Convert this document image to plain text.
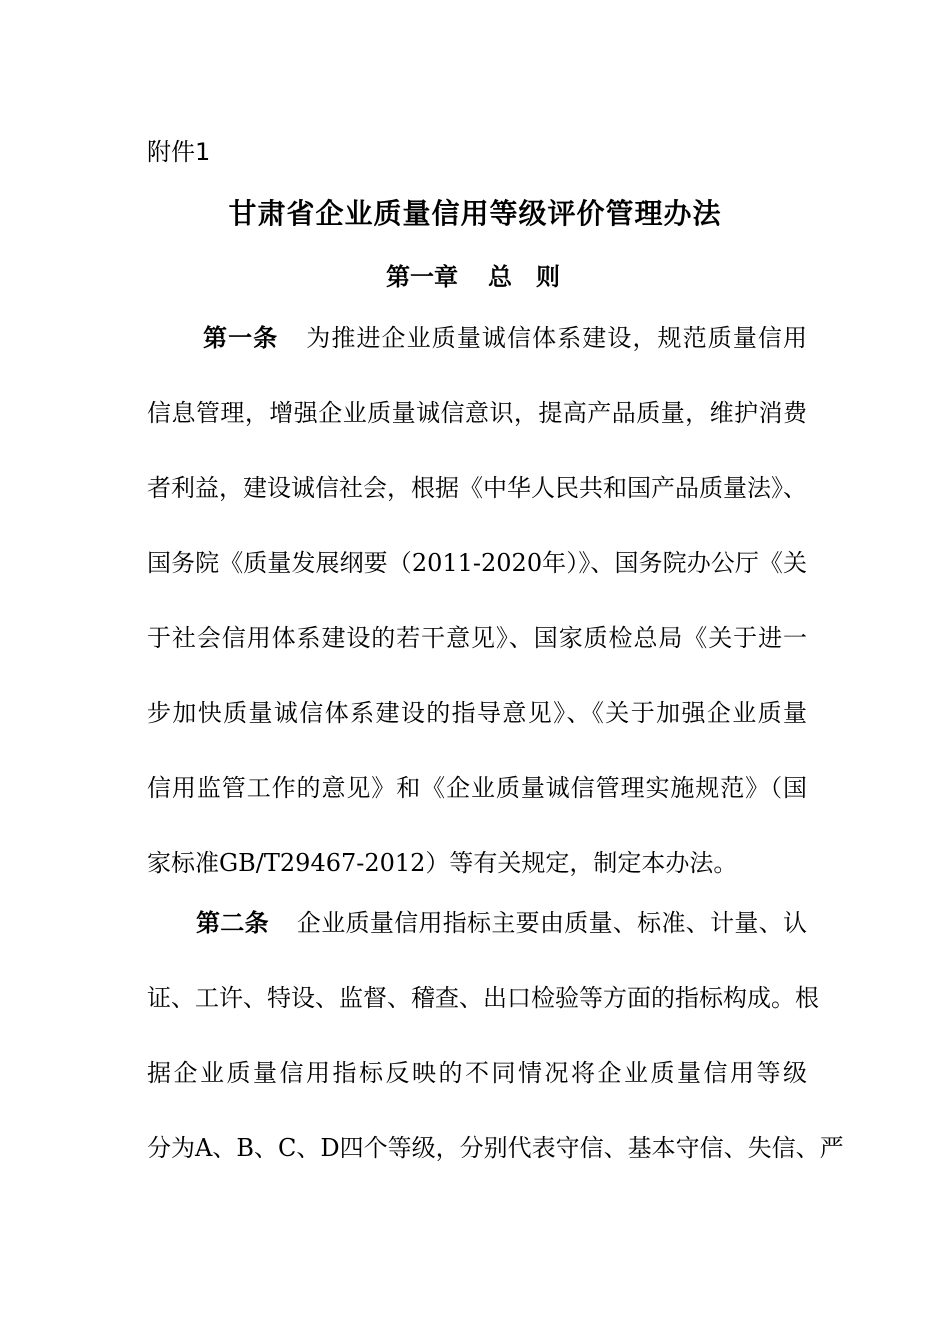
附件1
甘肃省企业质量信用等级评价管理办法
第一章 总　则
第一条 为推进企业质量诚信体系建设，规范质量信用
信息管理，增强企业质量诚信意识，提高产品质量，维护消费
者利益，建设诚信社会，根据《中华人民共和国产品质量法》、
国务院《质量发展纲要（2011-2020年）》、国务院办公厅《关
于社会信用体系建设的若干意见》、国家质检总局《关于进一
步加快质量诚信体系建设的指导意见》、《关于加强企业质量
信用监管工作的意见》和《企业质量诚信管理实施规范》（国
家标准GB/T29467-2012）等有关规定，制定本办法。
第二条 企业质量信用指标主要由质量、标准、计量、认
证、工许、特设、监督、稽查、出口检验等方面的指标构成。根
据企业质量信用指标反映的不同情况将企业质量信用等级
分为A、B、C、D四个等级，分别代表守信、基本守信、失信、严
